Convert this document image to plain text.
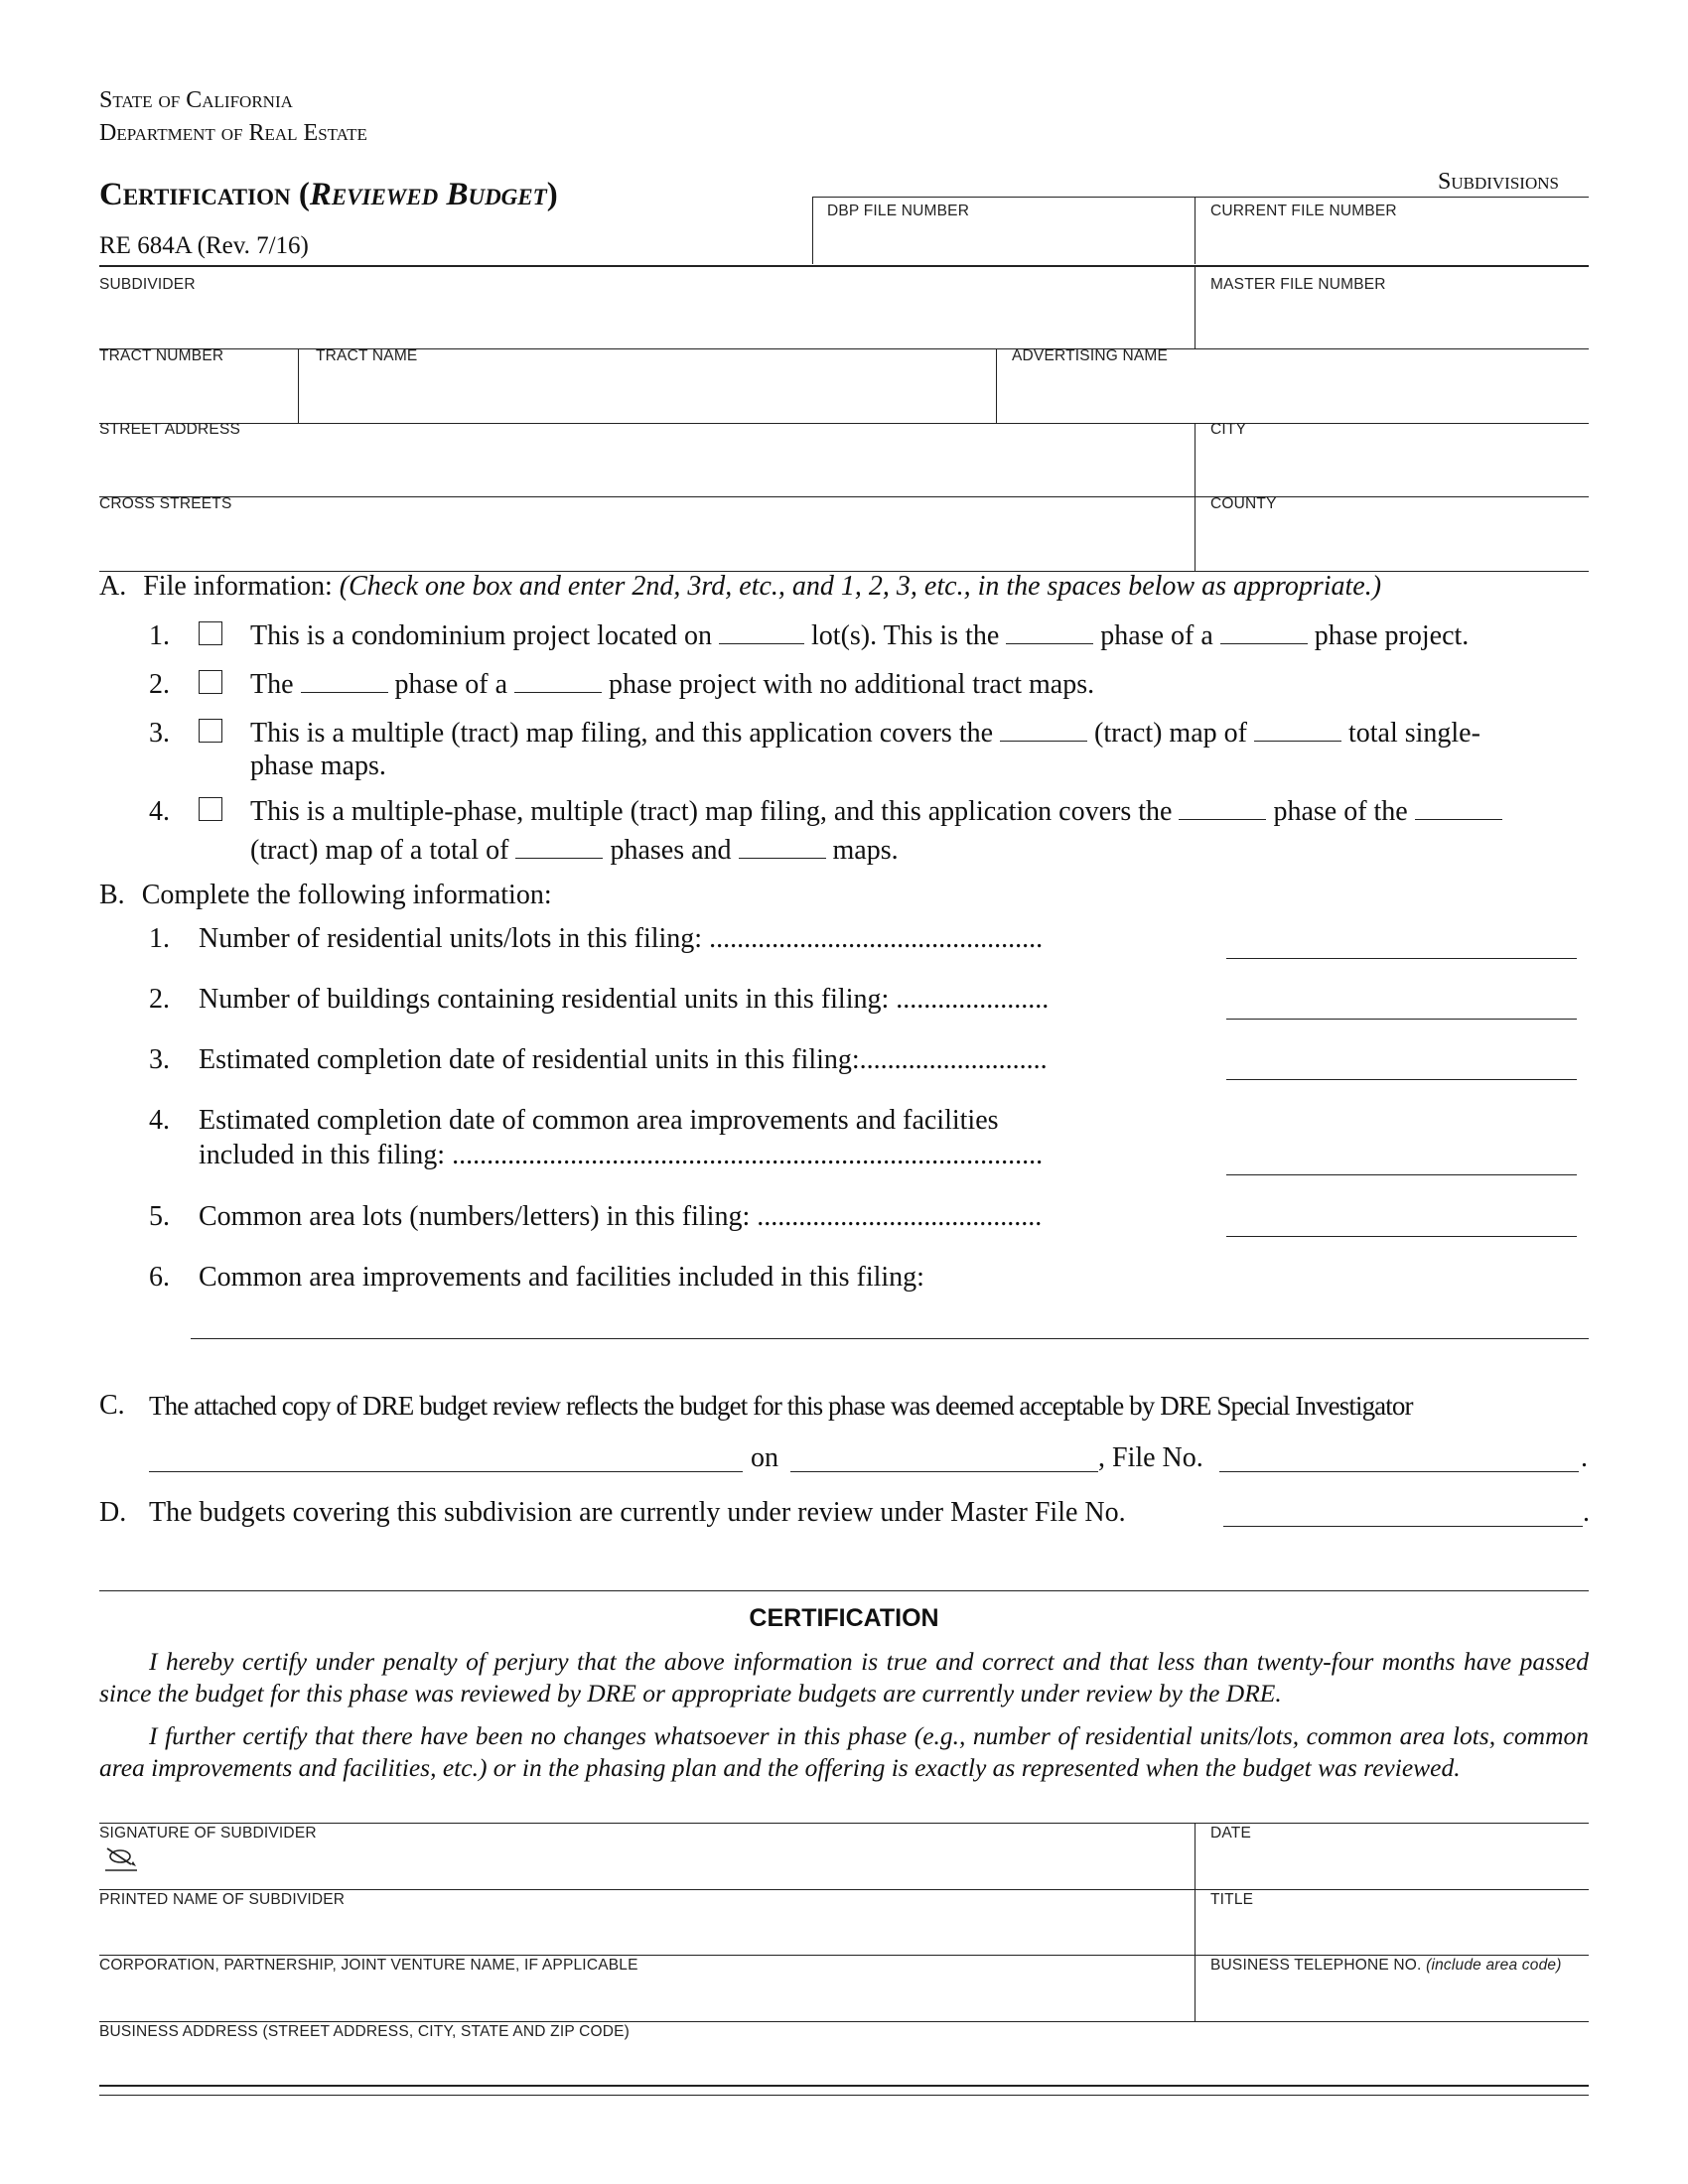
State of California
Department of Real Estate
Certification (Reviewed Budget)
RE 684A (Rev. 7/16)
Subdivisions
DBP FILE NUMBER	CURRENT FILE NUMBER
SUBDIVIDER	MASTER FILE NUMBER
TRACT NUMBER	TRACT NAME	ADVERTISING NAME
STREET ADDRESS	CITY
CROSS STREETS	COUNTY
A. File information: (Check one box and enter 2nd, 3rd, etc., and 1, 2, 3, etc., in the spaces below as appropriate.)
1.	This is a condominium project located on	lot(s). This is the	phase of a	phase project.
2.	The	phase of a	phase project with no additional tract maps.
3.	This is a multiple (tract) map filing, and this application covers the	(tract) map of	total single-
phase maps.
4.	This is a multiple-phase, multiple (tract) map filing, and this application covers the	phase of the
(tract) map of a total of	phases and	maps.
B. Complete the following information:
1. Number of residential units/lots in this filing: ................................................
2. Number of buildings containing residential units in this filing: ......................
3. Estimated completion date of residential units in this filing:...........................
4. Estimated completion date of common area improvements and facilities
included in this filing: .....................................................................................
5. Common area lots (numbers/letters) in this filing: .........................................
6. Common area improvements and facilities included in this filing:
C. The attached copy of DRE budget review reflects the budget for this phase was deemed acceptable by DRE Special Investigator
on	, File No.	.
D. The budgets covering this subdivision are currently under review under Master File No.	.
CERTIFICATION
I hereby certify under penalty of perjury that the above information is true and correct and that less than twenty-four months have passed since the budget for this phase was reviewed by DRE or appropriate budgets are currently under review by the DRE.
I further certify that there have been no changes whatsoever in this phase (e.g., number of residential units/lots, common area lots, common area improvements and facilities, etc.) or in the phasing plan and the offering is exactly as represented when the budget was reviewed.
SIGNATURE OF SUBDIVIDER	DATE
PRINTED NAME OF SUBDIVIDER	TITLE
CORPORATION, PARTNERSHIP, JOINT VENTURE NAME, IF APPLICABLE	BUSINESS TELEPHONE NO. (include area code)
BUSINESS ADDRESS (STREET ADDRESS, CITY, STATE AND ZIP CODE)
